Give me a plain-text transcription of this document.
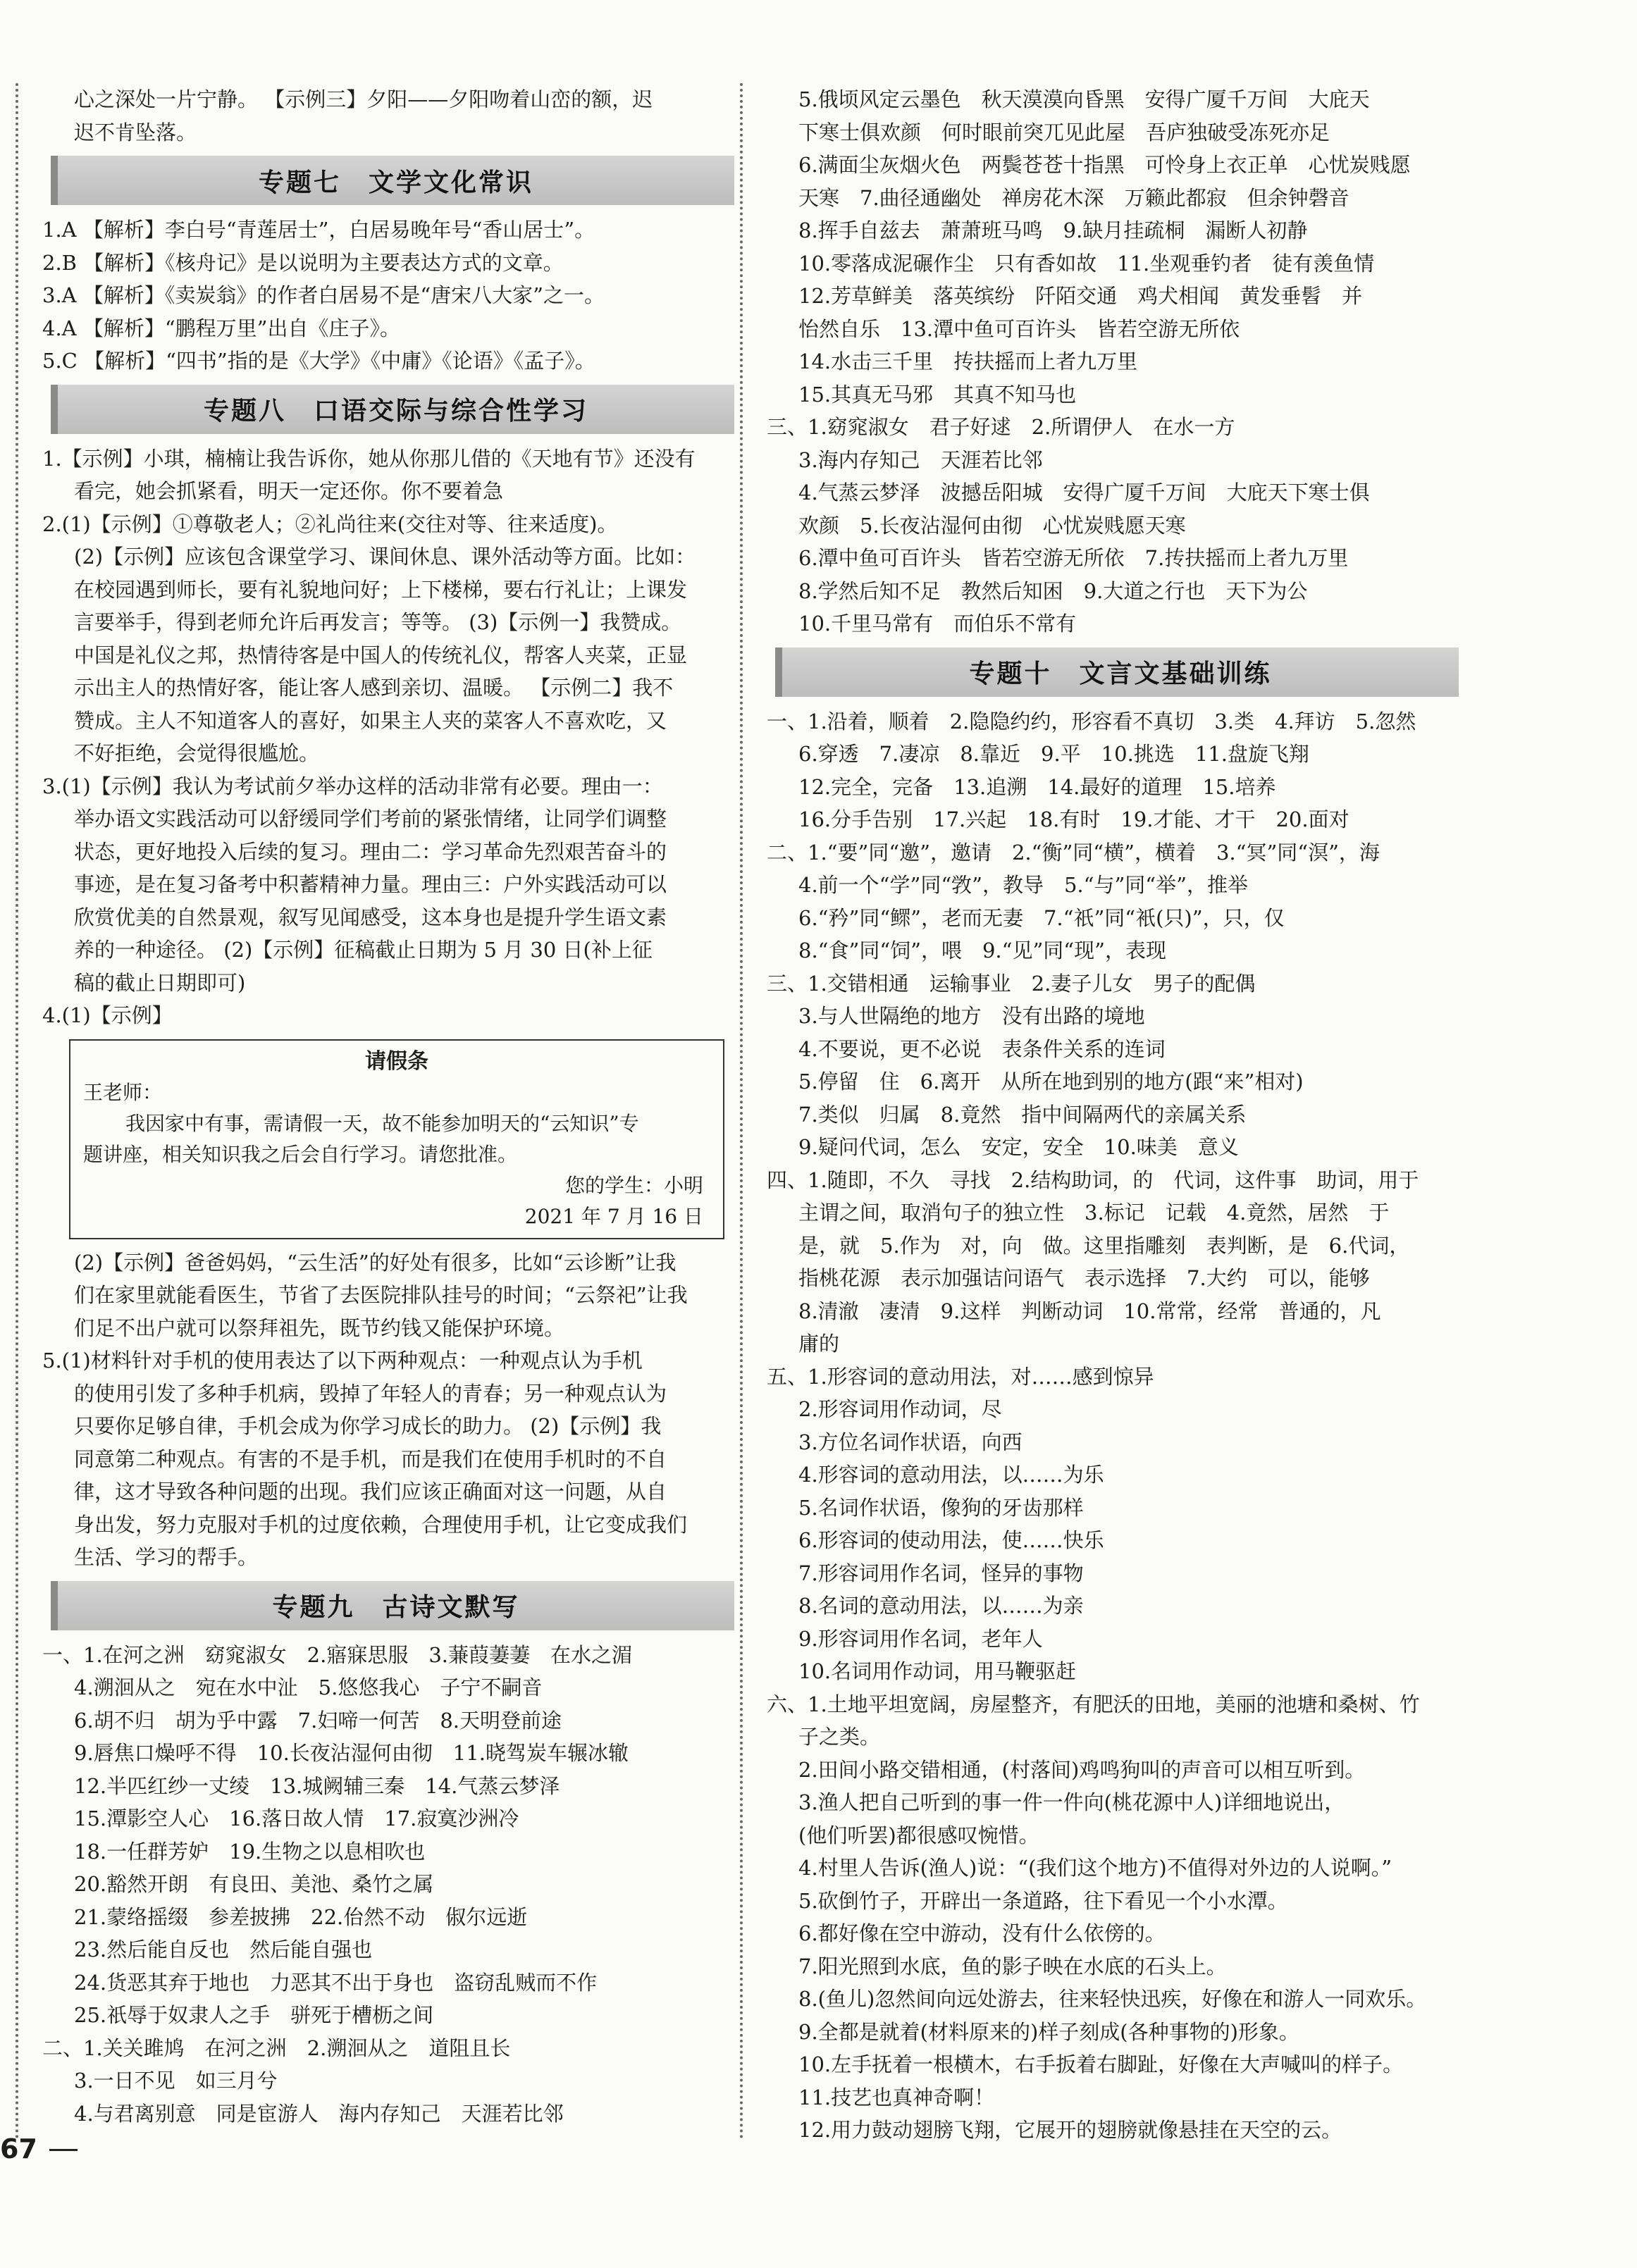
心之深处一片宁静。 【示例三】夕阳——夕阳吻着山峦的额，迟
迟不肯坠落。
专题七　文学文化常识
1.A 【解析】李白号“青莲居士”，白居易晚年号“香山居士”。
2.B 【解析】《核舟记》是以说明为主要表达方式的文章。
3.A 【解析】《卖炭翁》的作者白居易不是“唐宋八大家”之一。
4.A 【解析】“鹏程万里”出自《庄子》。
5.C 【解析】“四书”指的是《大学》《中庸》《论语》《孟子》。
专题八　口语交际与综合性学习
1.【示例】小琪，楠楠让我告诉你，她从你那儿借的《天地有节》还没有
看完，她会抓紧看，明天一定还你。你不要着急
2.(1)【示例】①尊敬老人；②礼尚往来(交往对等、往来适度)。
(2)【示例】应该包含课堂学习、课间休息、课外活动等方面。比如：
在校园遇到师长，要有礼貌地问好；上下楼梯，要右行礼让；上课发
言要举手，得到老师允许后再发言；等等。 (3)【示例一】我赞成。
中国是礼仪之邦，热情待客是中国人的传统礼仪，帮客人夹菜，正显
示出主人的热情好客，能让客人感到亲切、温暖。 【示例二】我不
赞成。主人不知道客人的喜好，如果主人夹的菜客人不喜欢吃，又
不好拒绝，会觉得很尴尬。
3.(1)【示例】我认为考试前夕举办这样的活动非常有必要。理由一：
举办语文实践活动可以舒缓同学们考前的紧张情绪，让同学们调整
状态，更好地投入后续的复习。理由二：学习革命先烈艰苦奋斗的
事迹，是在复习备考中积蓄精神力量。理由三：户外实践活动可以
欣赏优美的自然景观，叙写见闻感受，这本身也是提升学生语文素
养的一种途径。 (2)【示例】征稿截止日期为 5 月 30 日(补上征
稿的截止日期即可)
4.(1)【示例】
请假条
王老师：
我因家中有事，需请假一天，故不能参加明天的“云知识”专
题讲座，相关知识我之后会自行学习。请您批准。
您的学生：小明
2021 年 7 月 16 日
(2)【示例】爸爸妈妈，“云生活”的好处有很多，比如“云诊断”让我
们在家里就能看医生，节省了去医院排队挂号的时间；“云祭祀”让我
们足不出户就可以祭拜祖先，既节约钱又能保护环境。
5.(1)材料针对手机的使用表达了以下两种观点：一种观点认为手机
的使用引发了多种手机病，毁掉了年轻人的青春；另一种观点认为
只要你足够自律，手机会成为你学习成长的助力。 (2)【示例】我
同意第二种观点。有害的不是手机，而是我们在使用手机时的不自
律，这才导致各种问题的出现。我们应该正确面对这一问题，从自
身出发，努力克服对手机的过度依赖，合理使用手机，让它变成我们
生活、学习的帮手。
专题九　古诗文默写
一、1.在河之洲　窈窕淑女　2.寤寐思服　3.蒹葭萋萋　在水之湄
4.溯洄从之　宛在水中沚　5.悠悠我心　子宁不嗣音
6.胡不归　胡为乎中露　7.妇啼一何苦　8.天明登前途
9.唇焦口燥呼不得　10.长夜沾湿何由彻　11.晓驾炭车辗冰辙
12.半匹红纱一丈绫　13.城阙辅三秦　14.气蒸云梦泽
15.潭影空人心　16.落日故人情　17.寂寞沙洲冷
18.一任群芳妒　19.生物之以息相吹也
20.豁然开朗　有良田、美池、桑竹之属
21.蒙络摇缀　参差披拂　22.佁然不动　俶尔远逝
23.然后能自反也　然后能自强也
24.货恶其弃于地也　力恶其不出于身也　盗窃乱贼而不作
25.祇辱于奴隶人之手　骈死于槽枥之间
二、1.关关雎鸠　在河之洲　2.溯洄从之　道阻且长
3.一日不见　如三月兮
4.与君离别意　同是宦游人　海内存知己　天涯若比邻
5.俄顷风定云墨色　秋天漠漠向昏黑　安得广厦千万间　大庇天
下寒士俱欢颜　何时眼前突兀见此屋　吾庐独破受冻死亦足
6.满面尘灰烟火色　两鬓苍苍十指黑　可怜身上衣正单　心忧炭贱愿
天寒　7.曲径通幽处　禅房花木深　万籁此都寂　但余钟磬音
8.挥手自兹去　萧萧班马鸣　9.缺月挂疏桐　漏断人初静
10.零落成泥碾作尘　只有香如故　11.坐观垂钓者　徒有羡鱼情
12.芳草鲜美　落英缤纷　阡陌交通　鸡犬相闻　黄发垂髫　并
怡然自乐　13.潭中鱼可百许头　皆若空游无所依
14.水击三千里　抟扶摇而上者九万里
15.其真无马邪　其真不知马也
三、1.窈窕淑女　君子好逑　2.所谓伊人　在水一方
3.海内存知己　天涯若比邻
4.气蒸云梦泽　波撼岳阳城　安得广厦千万间　大庇天下寒士俱
欢颜　5.长夜沾湿何由彻　心忧炭贱愿天寒
6.潭中鱼可百许头　皆若空游无所依　7.抟扶摇而上者九万里
8.学然后知不足　教然后知困　9.大道之行也　天下为公
10.千里马常有　而伯乐不常有
专题十　文言文基础训练
一、1.沿着，顺着　2.隐隐约约，形容看不真切　3.类　4.拜访　5.忽然
6.穿透　7.凄凉　8.靠近　9.平　10.挑选　11.盘旋飞翔
12.完全，完备　13.追溯　14.最好的道理　15.培养
16.分手告别　17.兴起　18.有时　19.才能、才干　20.面对
二、1.“要”同“邀”，邀请　2.“衡”同“横”，横着　3.“冥”同“溟”，海
4.前一个“学”同“敩”，教导　5.“与”同“举”，推举
6.“矜”同“鳏”，老而无妻　7.“祇”同“衹(只)”，只，仅
8.“食”同“饲”，喂　9.“见”同“现”，表现
三、1.交错相通　运输事业　2.妻子儿女　男子的配偶
3.与人世隔绝的地方　没有出路的境地
4.不要说，更不必说　表条件关系的连词
5.停留　住　6.离开　从所在地到别的地方(跟“来”相对)
7.类似　归属　8.竟然　指中间隔两代的亲属关系
9.疑问代词，怎么　安定，安全　10.味美　意义
四、1.随即，不久　寻找　2.结构助词，的　代词，这件事　助词，用于
主谓之间，取消句子的独立性　3.标记　记载　4.竟然，居然　于
是，就　5.作为　对，向　做。这里指雕刻　表判断，是　6.代词，
指桃花源　表示加强诘问语气　表示选择　7.大约　可以，能够
8.清澈　凄清　9.这样　判断动词　10.常常，经常　普通的，凡
庸的
五、1.形容词的意动用法，对……感到惊异
2.形容词用作动词，尽
3.方位名词作状语，向西
4.形容词的意动用法，以……为乐
5.名词作状语，像狗的牙齿那样
6.形容词的使动用法，使……快乐
7.形容词用作名词，怪异的事物
8.名词的意动用法，以……为亲
9.形容词用作名词，老年人
10.名词用作动词，用马鞭驱赶
六、1.土地平坦宽阔，房屋整齐，有肥沃的田地，美丽的池塘和桑树、竹
子之类。
2.田间小路交错相通，(村落间)鸡鸣狗叫的声音可以相互听到。
3.渔人把自己听到的事一件一件向(桃花源中人)详细地说出，
(他们听罢)都很感叹惋惜。
4.村里人告诉(渔人)说：“(我们这个地方)不值得对外边的人说啊。”
5.砍倒竹子，开辟出一条道路，往下看见一个小水潭。
6.都好像在空中游动，没有什么依傍的。
7.阳光照到水底，鱼的影子映在水底的石头上。
8.(鱼儿)忽然间向远处游去，往来轻快迅疾，好像在和游人一同欢乐。
9.全都是就着(材料原来的)样子刻成(各种事物的)形象。
10.左手抚着一根横木，右手扳着右脚趾，好像在大声喊叫的样子。
11.技艺也真神奇啊！
12.用力鼓动翅膀飞翔，它展开的翅膀就像悬挂在天空的云。
67
